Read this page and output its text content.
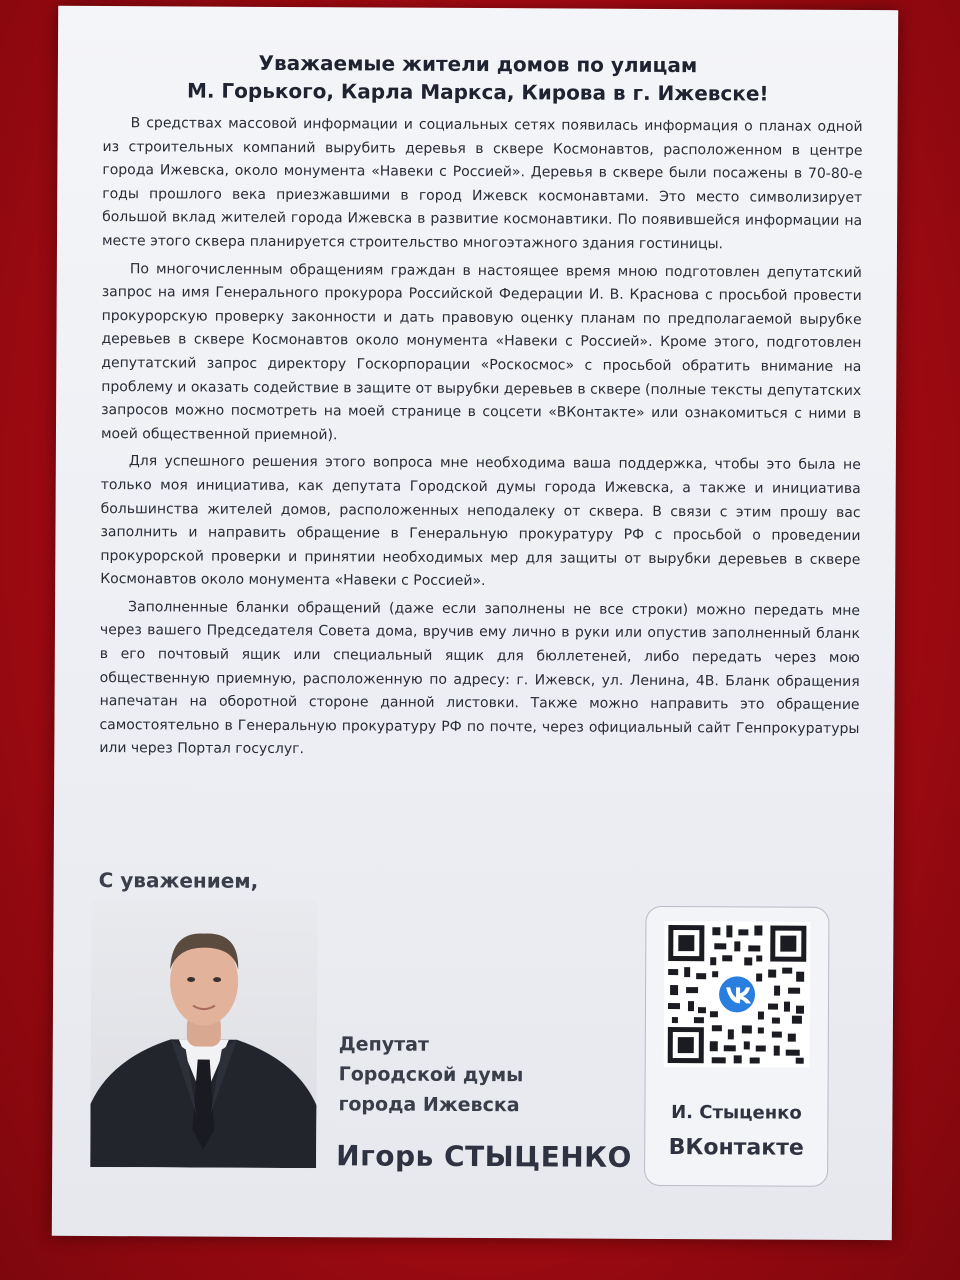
Уважаемые жители домов по улицам
М. Горького, Карла Маркса, Кирова в г. Ижевске!

В средствах массовой информации и социальных сетях появилась информация о планах одной из строительных компаний вырубить деревья в сквере Космонавтов, расположенном в центре города Ижевска, около монумента «Навеки с Россией». Деревья в сквере были посажены в 70-80-е годы прошлого века приезжавшими в город Ижевск космонавтами. Это место символизирует большой вклад жителей города Ижевска в развитие космонавтики. По появившейся информации на месте этого сквера планируется строительство многоэтажного здания гостиницы.

По многочисленным обращениям граждан в настоящее время мною подготовлен депутатский запрос на имя Генерального прокурора Российской Федерации И. В. Краснова с просьбой провести прокурорскую проверку законности и дать правовую оценку планам по предполагаемой вырубке деревьев в сквере Космонавтов около монумента «Навеки с Россией». Кроме этого, подготовлен депутатский запрос директору Госкорпорации «Роскосмос» с просьбой обратить внимание на проблему и оказать содействие в защите от вырубки деревьев в сквере (полные тексты депутатских запросов можно посмотреть на моей странице в соцсети «ВКонтакте» или ознакомиться с ними в моей общественной приемной).

Для успешного решения этого вопроса мне необходима ваша поддержка, чтобы это была не только моя инициатива, как депутата Городской думы города Ижевска, а также и инициатива большинства жителей домов, расположенных неподалеку от сквера. В связи с этим прошу вас заполнить и направить обращение в Генеральную прокуратуру РФ с просьбой о проведении прокурорской проверки и принятии необходимых мер для защиты от вырубки деревьев в сквере Космонавтов около монумента «Навеки с Россией».

Заполненные бланки обращений (даже если заполнены не все строки) можно передать мне через вашего Председателя Совета дома, вручив ему лично в руки или опустив заполненный бланк в его почтовый ящик или специальный ящик для бюллетеней, либо передать через мою общественную приемную, расположенную по адресу: г. Ижевск, ул. Ленина, 4В. Бланк обращения напечатан на оборотной стороне данной листовки. Также можно направить это обращение самостоятельно в Генеральную прокуратуру РФ по почте, через официальный сайт Генпрокуратуры или через Портал госуслуг.

С уважением,
Депутат
Городской думы
города Ижевска
Игорь СТЫЦЕНКО
И. Стыценко
ВКонтакте
